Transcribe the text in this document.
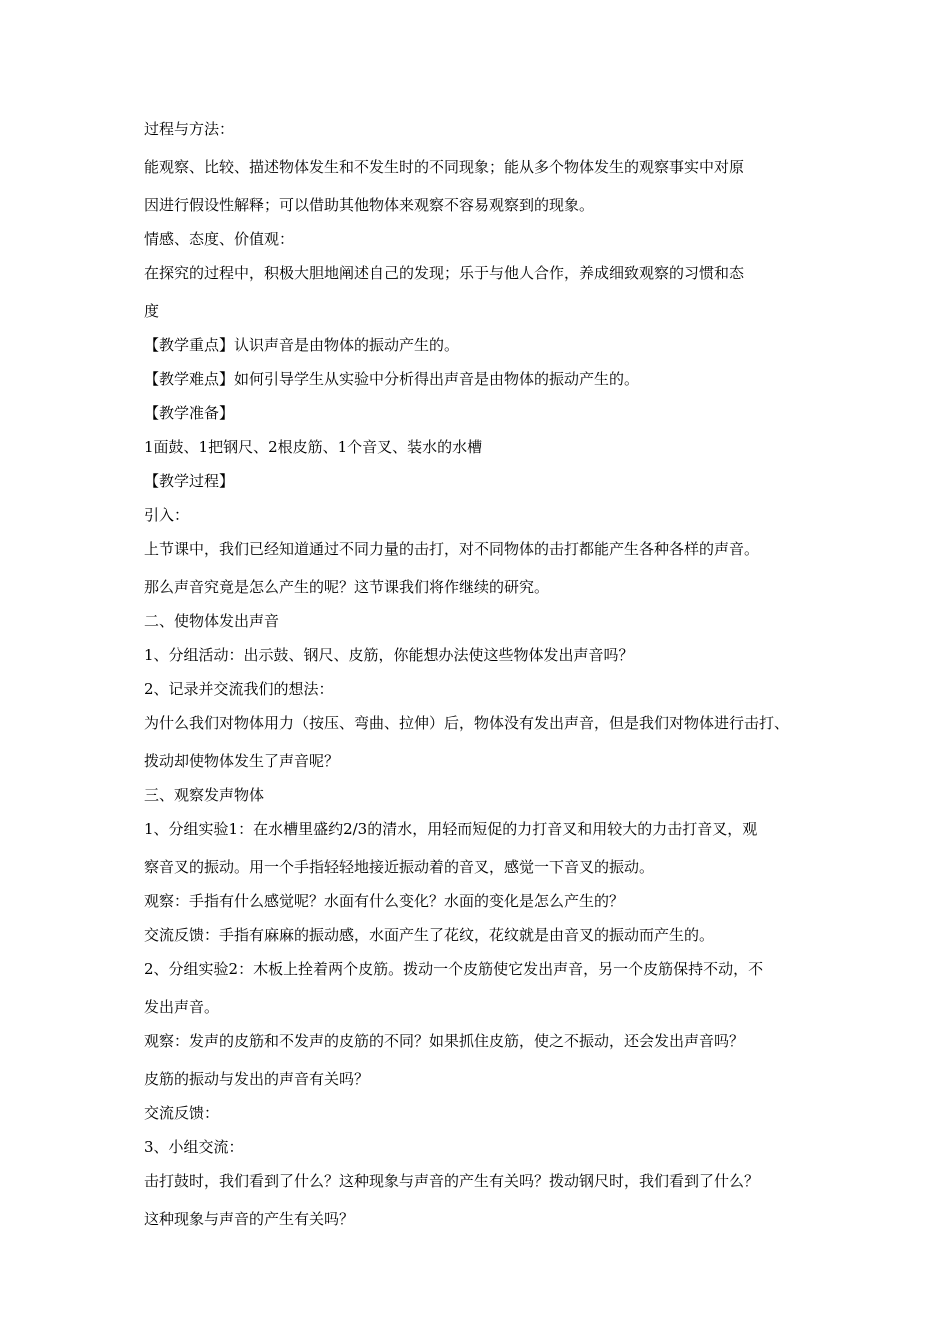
过程与方法：

能观察、比较、描述物体发生和不发生时的不同现象；能从多个物体发生的观察事实中对原

因进行假设性解释；可以借助其他物体来观察不容易观察到的现象。

情感、态度、价值观：

在探究的过程中，积极大胆地阐述自己的发现；乐于与他人合作，养成细致观察的习惯和态

度

【教学重点】认识声音是由物体的振动产生的。

【教学难点】如何引导学生从实验中分析得出声音是由物体的振动产生的。

【教学准备】

1面鼓、1把钢尺、2根皮筋、1个音叉、装水的水槽

【教学过程】

引入：

上节课中，我们已经知道通过不同力量的击打，对不同物体的击打都能产生各种各样的声音。

那么声音究竟是怎么产生的呢？这节课我们将作继续的研究。

二、使物体发出声音

1、分组活动：出示鼓、钢尺、皮筋，你能想办法使这些物体发出声音吗？

2、记录并交流我们的想法：

为什么我们对物体用力（按压、弯曲、拉伸）后，物体没有发出声音，但是我们对物体进行击打、

拨动却使物体发生了声音呢？

三、观察发声物体

1、分组实验1：在水槽里盛约2/3的清水，用轻而短促的力打音叉和用较大的力击打音叉，观

察音叉的振动。用一个手指轻轻地接近振动着的音叉，感觉一下音叉的振动。

观察：手指有什么感觉呢？水面有什么变化？水面的变化是怎么产生的？

交流反馈：手指有麻麻的振动感，水面产生了花纹，花纹就是由音叉的振动而产生的。

2、分组实验2：木板上拴着两个皮筋。拨动一个皮筋使它发出声音，另一个皮筋保持不动，不

发出声音。

观察：发声的皮筋和不发声的皮筋的不同？如果抓住皮筋，使之不振动，还会发出声音吗？

皮筋的振动与发出的声音有关吗？

交流反馈：

3、小组交流：

击打鼓时，我们看到了什么？这种现象与声音的产生有关吗？拨动钢尺时，我们看到了什么？

这种现象与声音的产生有关吗？
